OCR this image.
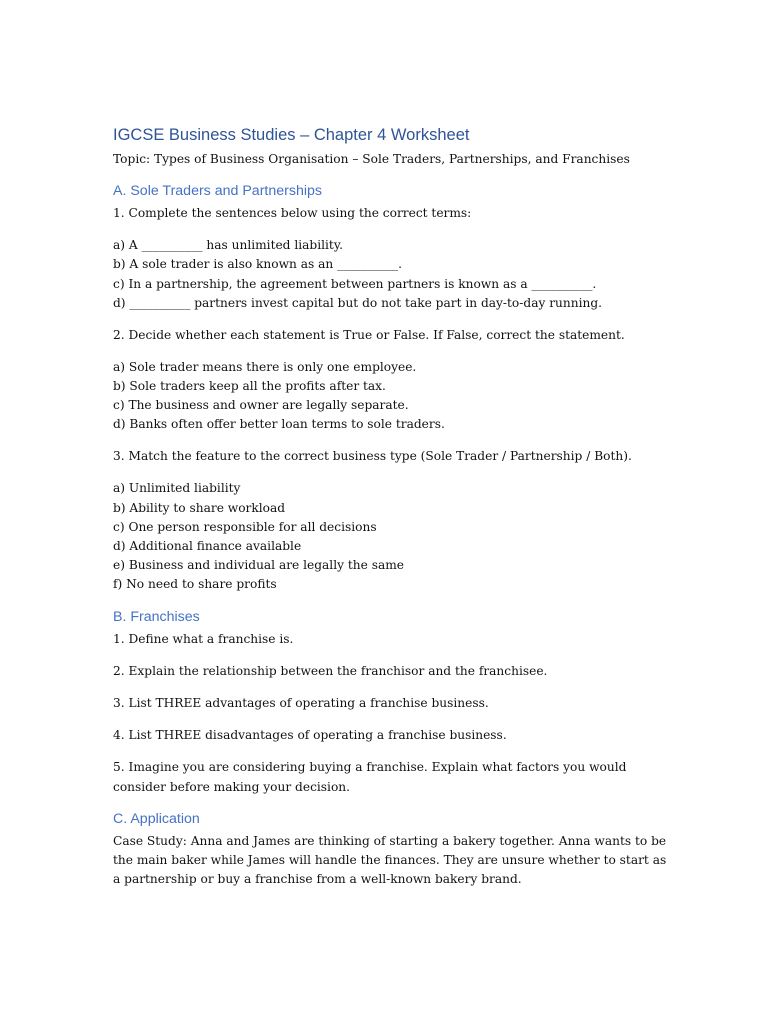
IGCSE Business Studies – Chapter 4 Worksheet
Topic: Types of Business Organisation – Sole Traders, Partnerships, and Franchises
A. Sole Traders and Partnerships
1. Complete the sentences below using the correct terms:
a) A __________ has unlimited liability.
b) A sole trader is also known as an __________.
c) In a partnership, the agreement between partners is known as a __________.
d) __________ partners invest capital but do not take part in day-to-day running.
2. Decide whether each statement is True or False. If False, correct the statement.
a) Sole trader means there is only one employee.
b) Sole traders keep all the profits after tax.
c) The business and owner are legally separate.
d) Banks often offer better loan terms to sole traders.
3. Match the feature to the correct business type (Sole Trader / Partnership / Both).
a) Unlimited liability
b) Ability to share workload
c) One person responsible for all decisions
d) Additional finance available
e) Business and individual are legally the same
f) No need to share profits
B. Franchises
1. Define what a franchise is.
2. Explain the relationship between the franchisor and the franchisee.
3. List THREE advantages of operating a franchise business.
4. List THREE disadvantages of operating a franchise business.
5. Imagine you are considering buying a franchise. Explain what factors you would consider before making your decision.
C. Application
Case Study: Anna and James are thinking of starting a bakery together. Anna wants to be the main baker while James will handle the finances. They are unsure whether to start as a partnership or buy a franchise from a well-known bakery brand.
